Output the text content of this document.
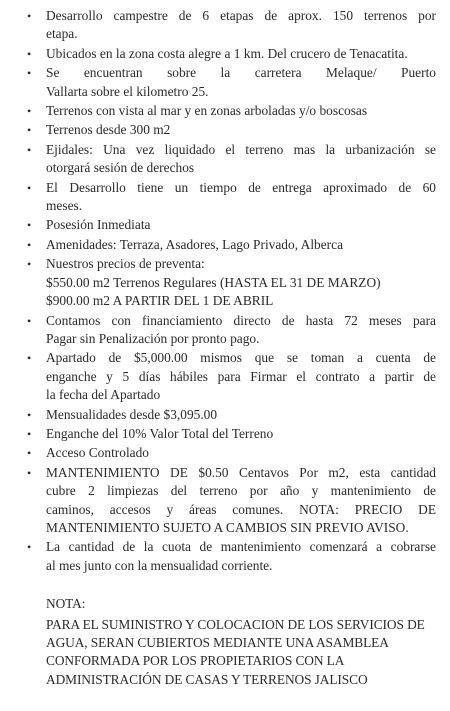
• Desarrollo campestre de 6 etapas de aprox. 150 terrenos por
etapa.
• Ubicados en la zona costa alegre a 1 km. Del crucero de Tenacatita.
• Se encuentran sobre la carretera Melaque/ Puerto
Vallarta sobre el kilometro 25.
• Terrenos con vista al mar y en zonas arboladas y/o boscosas
• Terrenos desde 300 m2
• Ejidales: Una vez liquidado el terreno mas la urbanización se
otorgará sesión de derechos
• El Desarrollo tiene un tiempo de entrega aproximado de 60
meses.
• Posesión Inmediata
• Amenidades: Terraza, Asadores, Lago Privado, Alberca
• Nuestros precios de preventa:
$550.00 m2 Terrenos Regulares (HASTA EL 31 DE MARZO)
$900.00 m2 A PARTIR DEL 1 DE ABRIL
• Contamos con financiamiento directo de hasta 72 meses para
Pagar sin Penalización por pronto pago.
• Apartado de $5,000.00 mismos que se toman a cuenta de
enganche y 5 días hábiles para Firmar el contrato a partir de
la fecha del Apartado
• Mensualidades desde $3,095.00
• Enganche del 10% Valor Total del Terreno
• Acceso Controlado
• MANTENIMIENTO DE $0.50 Centavos Por m2, esta cantidad
cubre 2 limpiezas del terreno por año y mantenimiento de
caminos, accesos y áreas comunes. NOTA: PRECIO DE
MANTENIMIENTO SUJETO A CAMBIOS SIN PREVIO AVISO.
• La cantidad de la cuota de mantenimiento comenzará a cobrarse
al mes junto con la mensualidad corriente.
NOTA:
PARA EL SUMINISTRO Y COLOCACION DE LOS SERVICIOS DE
AGUA, SERAN CUBIERTOS MEDIANTE UNA ASAMBLEA
CONFORMADA POR LOS PROPIETARIOS CON LA
ADMINISTRACIÓN DE CASAS Y TERRENOS JALISCO
